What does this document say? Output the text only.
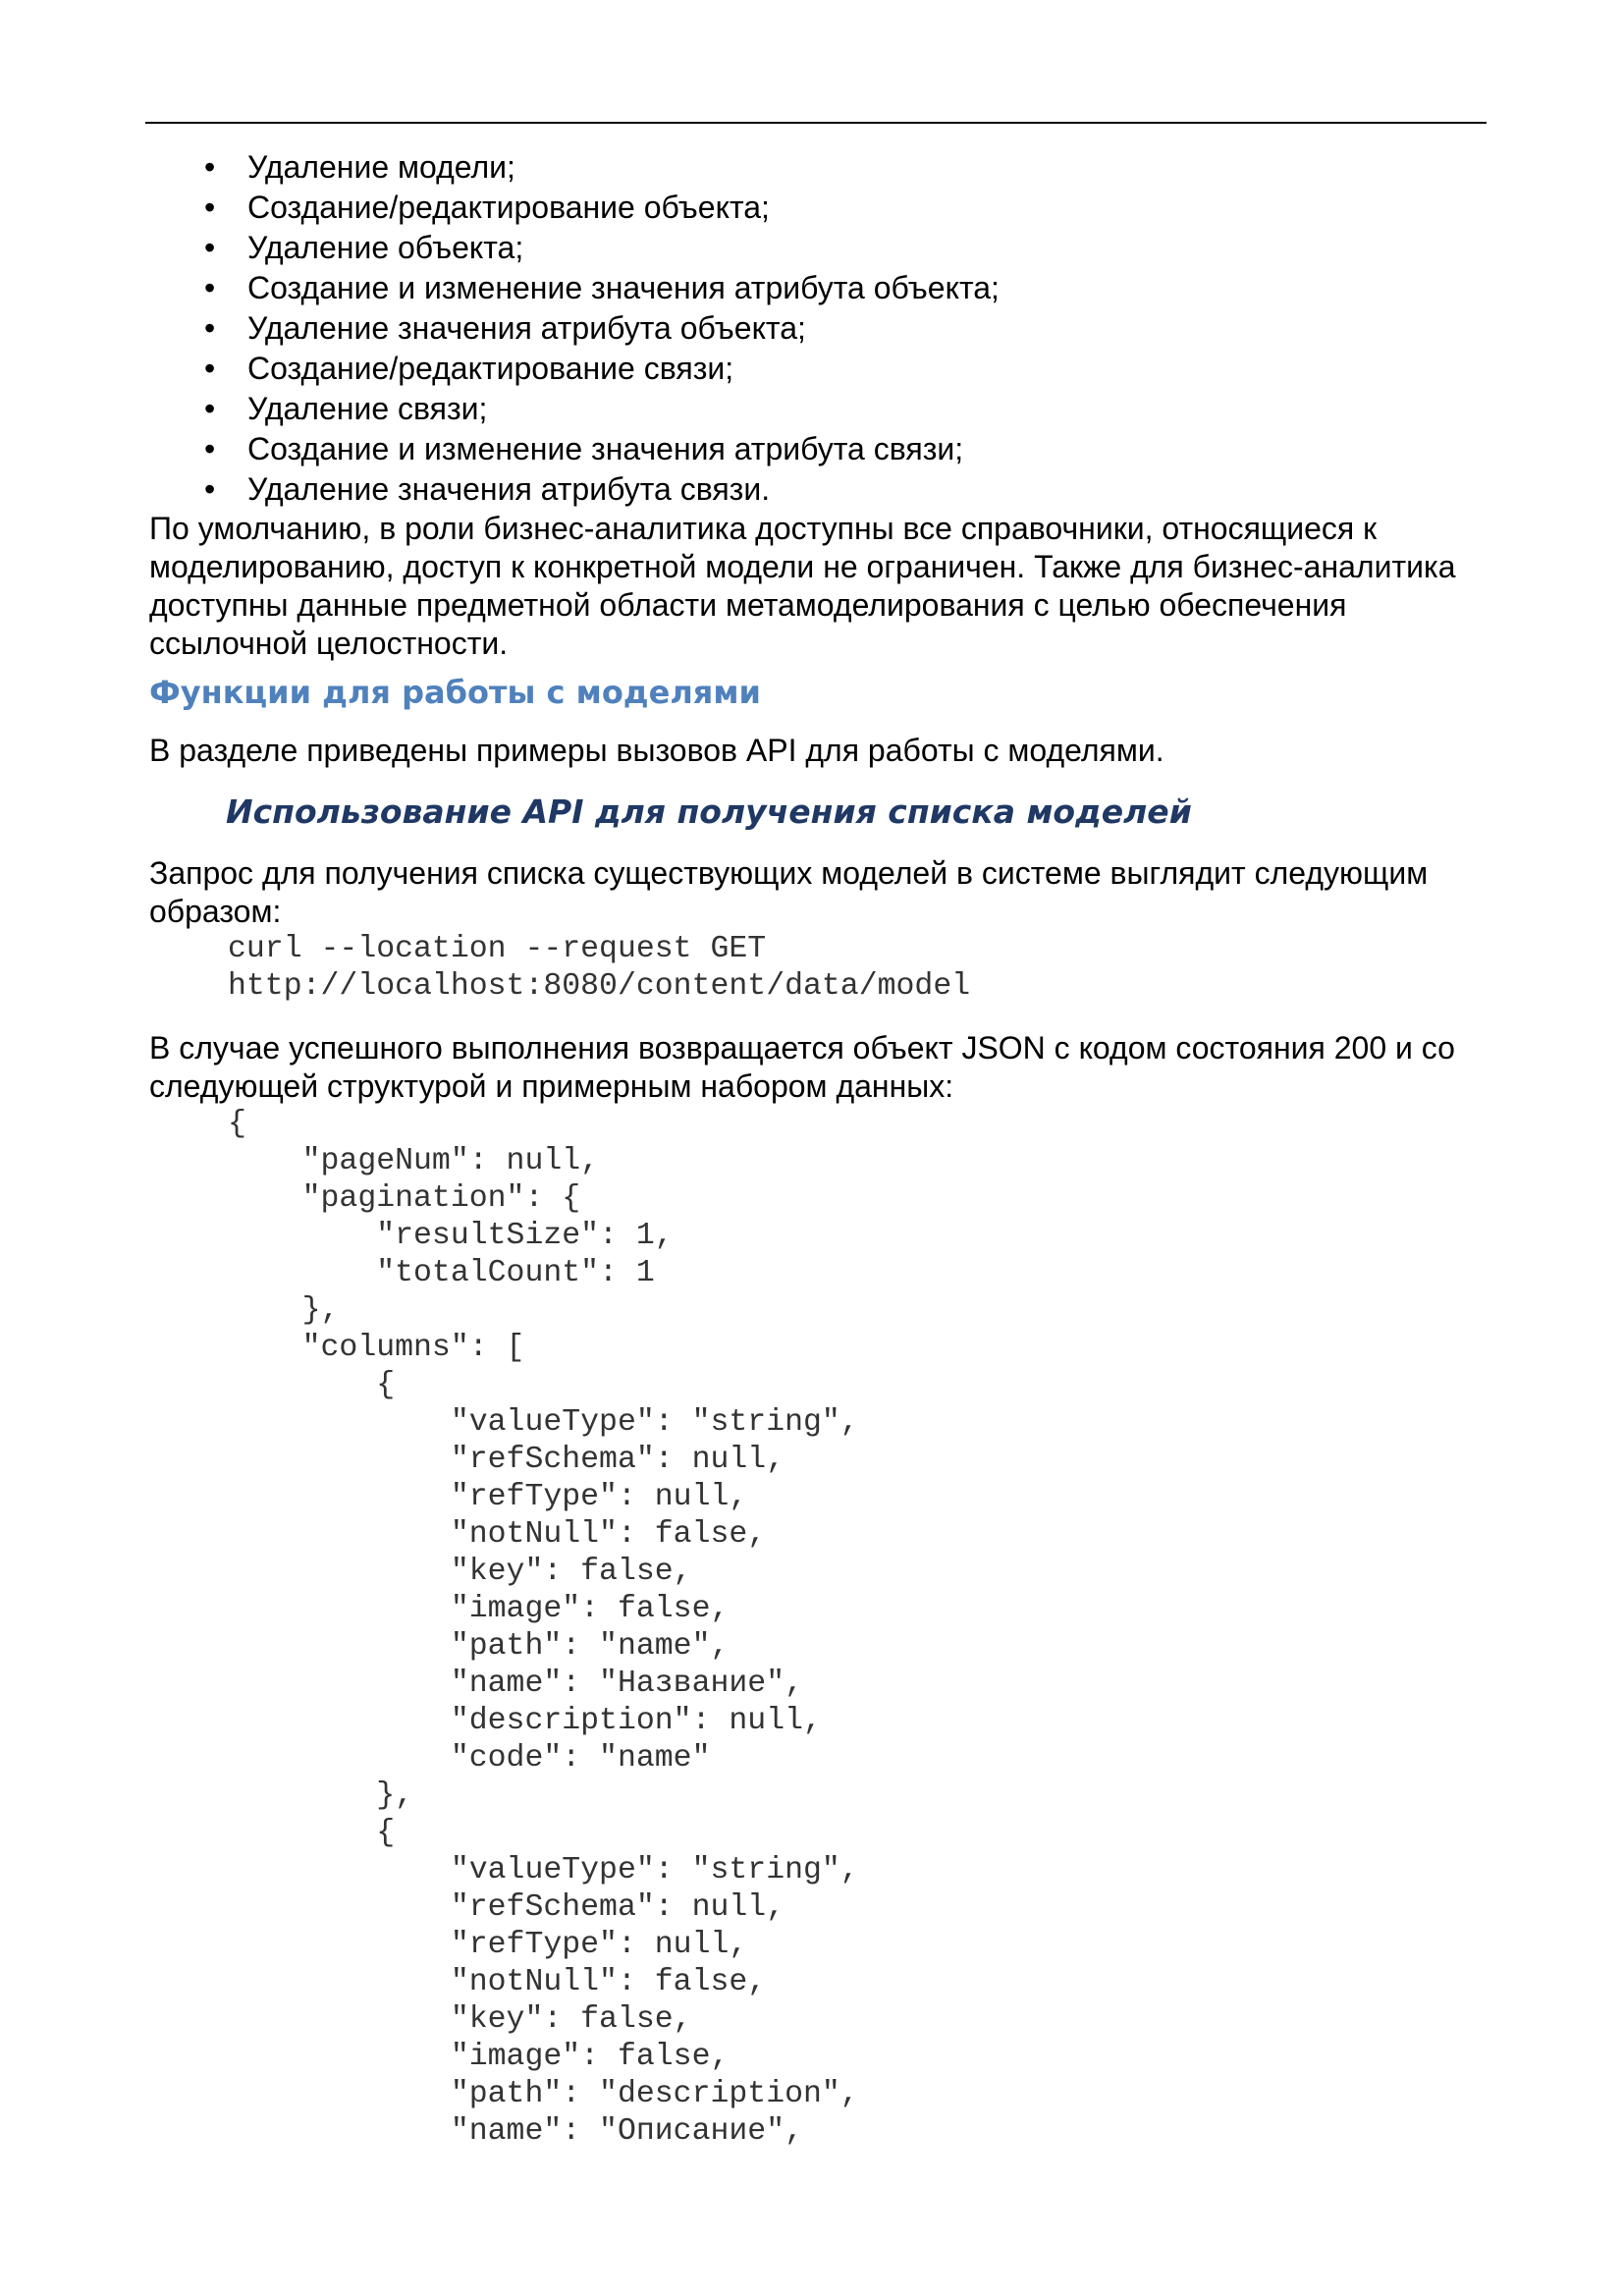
• Удаление модели;
• Создание/редактирование объекта;
• Удаление объекта;
• Создание и изменение значения атрибута объекта;
• Удаление значения атрибута объекта;
• Создание/редактирование связи;
• Удаление связи;
• Создание и изменение значения атрибута связи;
• Удаление значения атрибута связи.

По умолчанию, в роли бизнес-аналитика доступны все справочники, относящиеся к моделированию, доступ к конкретной модели не ограничен. Также для бизнес-аналитика доступны данные предметной области метамоделирования с целью обеспечения ссылочной целостности.

Функции для работы с моделями

В разделе приведены примеры вызовов API для работы с моделями.

Использование API для получения списка моделей

Запрос для получения списка существующих моделей в системе выглядит следующим образом:

curl --location --request GET
http://localhost:8080/content/data/model

В случае успешного выполнения возвращается объект JSON с кодом состояния 200 и со следующей структурой и примерным набором данных:

{
"pageNum": null,
"pagination": {
"resultSize": 1,
"totalCount": 1
},
"columns": [
{
"valueType": "string",
"refSchema": null,
"refType": null,
"notNull": false,
"key": false,
"image": false,
"path": "name",
"name": "Название",
"description": null,
"code": "name"
},
{
"valueType": "string",
"refSchema": null,
"refType": null,
"notNull": false,
"key": false,
"image": false,
"path": "description",
"name": "Описание",
